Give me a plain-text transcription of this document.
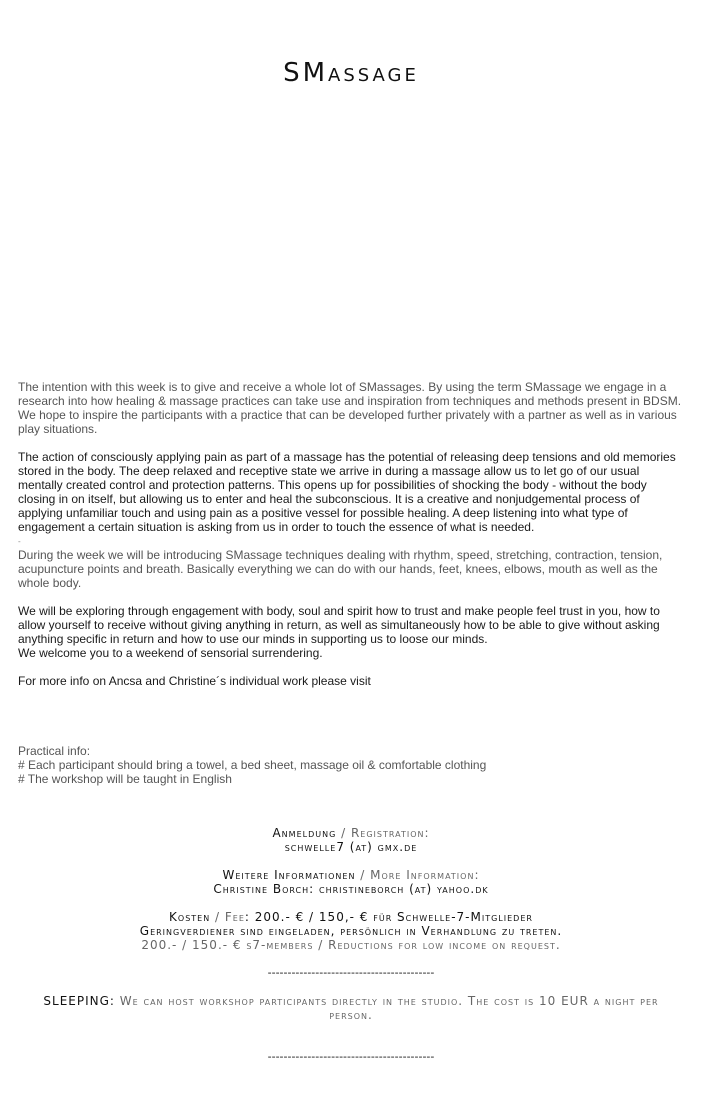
SMassage

The intention with this week is to give and receive a whole lot of SMassages. By using the term SMassage we engage in a research into how healing & massage practices can take use and inspiration from techniques and methods present in BDSM. We hope to inspire the participants with a practice that can be developed further privately with a partner as well as in various play situations.

The action of consciously applying pain as part of a massage has the potential of releasing deep tensions and old memories stored in the body. The deep relaxed and receptive state we arrive in during a massage allow us to let go of our usual mentally created control and protection patterns. This opens up for possibilities of shocking the body - without the body closing in on itself, but allowing us to enter and heal the subconscious. It is a creative and nonjudgemental process of applying unfamiliar touch and using pain as a positive vessel for possible healing. A deep listening into what type of engagement a certain situation is asking from us in order to touch the essence of what is needed.

-

During the week we will be introducing SMassage techniques dealing with rhythm, speed, stretching, contraction, tension, acupuncture points and breath. Basically everything we can do with our hands, feet, knees, elbows, mouth as well as the whole body.

We will be exploring through engagement with body, soul and spirit how to trust and make people feel trust in you, how to allow yourself to receive without giving anything in return, as well as simultaneously how to be able to give without asking anything specific in return and how to use our minds in supporting us to loose our minds.

We welcome you to a weekend of sensorial surrendering.

For more info on Ancsa and Christine´s individual work please visit

Practical info:
# Each participant should bring a towel, a bed sheet, massage oil & comfortable clothing
# The workshop will be taught in English
Anmeldung / Registration:
schwelle7 (at) gmx.de
Weitere Informationen / More Information:
Christine Borch: christineborch (at) yahoo.dk
Kosten / Fee: 200.- € / 150,- € für Schwelle-7-Mitglieder
Geringverdiener sind eingeladen, persönlich in Verhandlung zu treten.
200.- / 150.- € s7-members / Reductions for low income on request.
------------------------------------------
SLEEPING: We can host workshop participants directly in the studio. The cost is 10 EUR a night per person.
------------------------------------------
